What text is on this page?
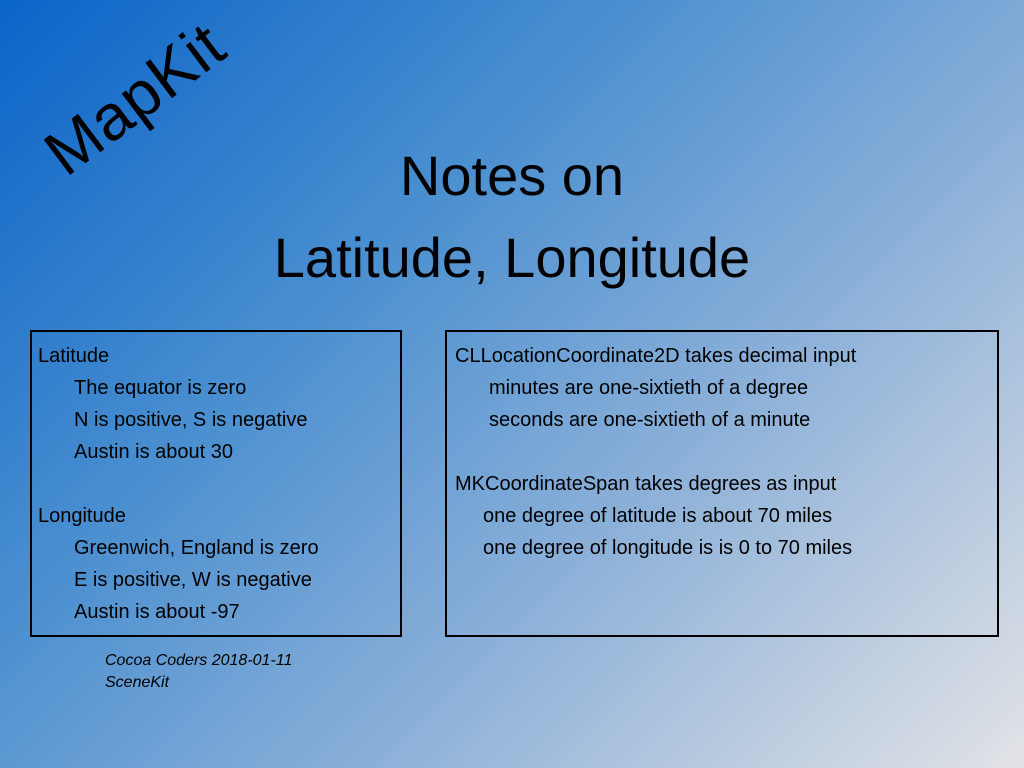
MapKit	Notes on
Latitude, Longitude
Latitude
The equator is zero
N is positive, S is negative
Austin is about 30
Longitude
Greenwich, England is zero
E is positive, W is negative
Austin is about -97
CLLocationCoordinate2D takes decimal input
minutes are one-sixtieth of a degree
seconds are one-sixtieth of a minute
MKCoordinateSpan takes degrees as input
one degree of latitude is about 70 miles
one degree of longitude is is 0 to 70 miles
Cocoa Coders 2018-01-11
SceneKit
